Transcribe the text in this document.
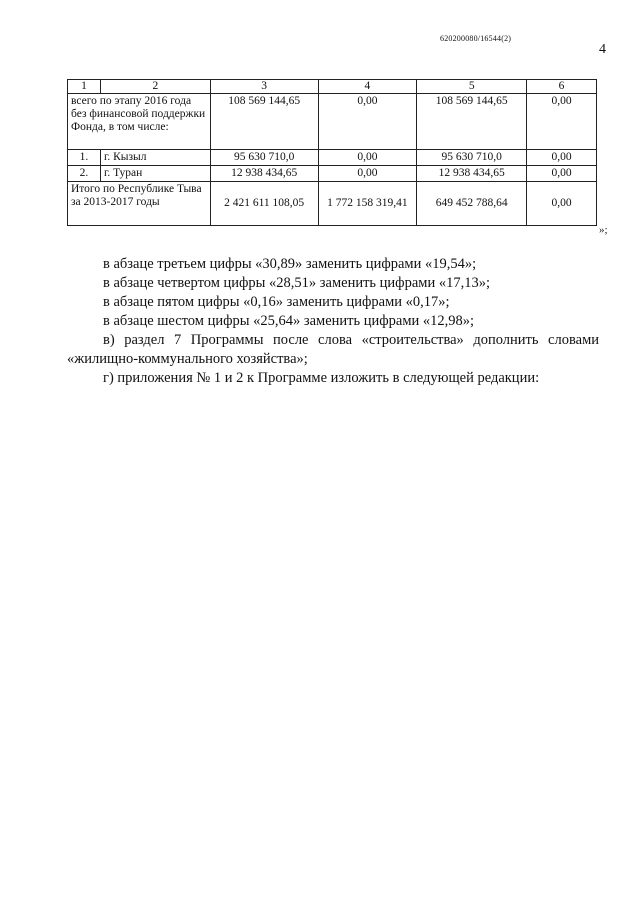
620200080/16544(2)
4
1	2	3	4	5	6
всего по этапу 2016 года без финансовой поддержки Фонда, в том числе:		108 569 144,65	0,00	108 569 144,65	0,00
1.	г. Кызыл	95 630 710,0	0,00	95 630 710,0	0,00
2.	г. Туран	12 938 434,65	0,00	12 938 434,65	0,00
Итого по Республике Тыва за 2013-2017 годы		2 421 611 108,05	1 772 158 319,41	649 452 788,64	0,00
»;

в абзаце третьем цифры «30,89» заменить цифрами «19,54»;

в абзаце четвертом цифры «28,51» заменить цифрами «17,13»;

в абзаце пятом цифры «0,16» заменить цифрами «0,17»;

в абзаце шестом цифры «25,64» заменить цифрами «12,98»;

в) раздел 7 Программы после слова «строительства» дополнить словами «жилищно-коммунального хозяйства»;

г) приложения № 1 и 2 к Программе изложить в следующей редакции:
